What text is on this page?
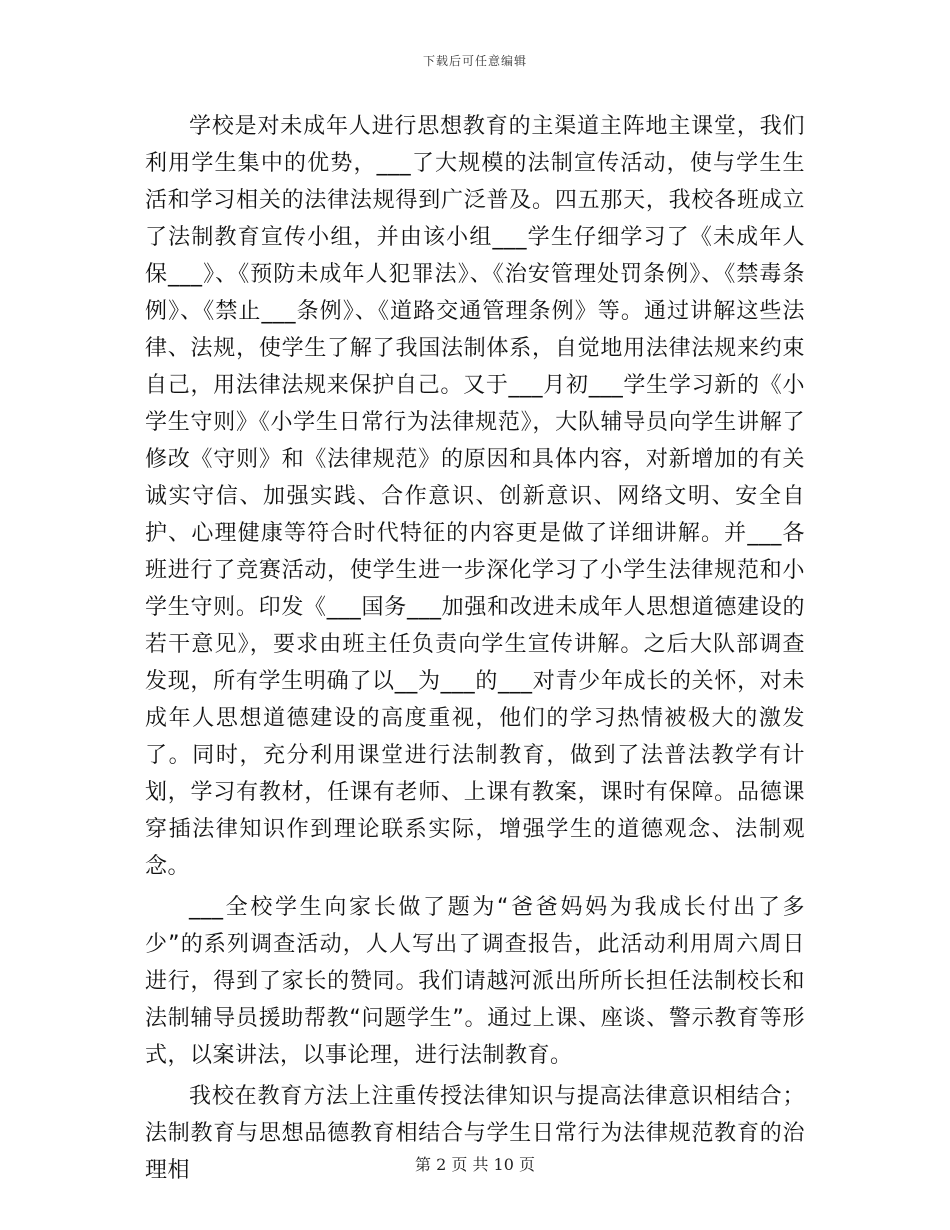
下载后可任意编辑

学校是对未成年人进行思想教育的主渠道主阵地主课堂，我们利用学生集中的优势，___了大规模的法制宣传活动，使与学生生活和学习相关的法律法规得到广泛普及。四五那天，我校各班成立了法制教育宣传小组，并由该小组___学生仔细学习了《未成年人保___》、《预防未成年人犯罪法》、《治安管理处罚条例》、《禁毒条例》、《禁止___条例》、《道路交通管理条例》等。通过讲解这些法律、法规，使学生了解了我国法制体系，自觉地用法律法规来约束自己，用法律法规来保护自己。又于___月初___学生学习新的《小学生守则》《小学生日常行为法律规范》，大队辅导员向学生讲解了修改《守则》和《法律规范》的原因和具体内容，对新增加的有关诚实守信、加强实践、合作意识、创新意识、网络文明、安全自护、心理健康等符合时代特征的内容更是做了详细讲解。并___各班进行了竞赛活动，使学生进一步深化学习了小学生法律规范和小学生守则。印发《___国务___加强和改进未成年人思想道德建设的若干意见》，要求由班主任负责向学生宣传讲解。之后大队部调查发现，所有学生明确了以__为___的___对青少年成长的关怀，对未成年人思想道德建设的高度重视，他们的学习热情被极大的激发了。同时，充分利用课堂进行法制教育，做到了法普法教学有计划，学习有教材，任课有老师、上课有教案，课时有保障。品德课穿插法律知识作到理论联系实际，增强学生的道德观念、法制观念。

___全校学生向家长做了题为“爸爸妈妈为我成长付出了多少”的系列调查活动，人人写出了调查报告，此活动利用周六周日进行，得到了家长的赞同。我们请越河派出所所长担任法制校长和法制辅导员援助帮教“问题学生”。通过上课、座谈、警示教育等形式，以案讲法，以事论理，进行法制教育。

我校在教育方法上注重传授法律知识与提高法律意识相结合；法制教育与思想品德教育相结合与学生日常行为法律规范教育的治理相	第 2 页 共 10 页
